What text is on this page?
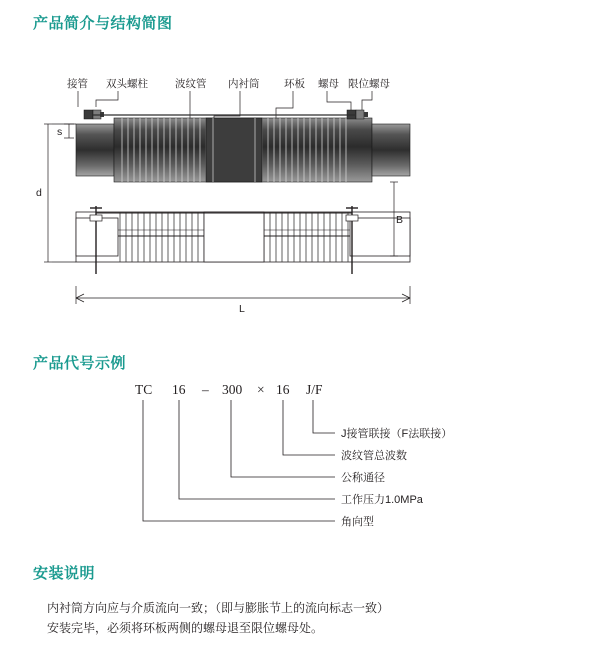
产品简介与结构简图
产品代号示例
安装说明
接管 双头螺柱	波纹管 内衬筒 环板 螺母 限位螺母
s
d
B
L
TC 16 – 300 × 16 J/F
J接管联接（F法联接）
波纹管总波数
公称通径
工作压力1.0MPa
角向型
内衬筒方向应与介质流向一致；（即与膨胀节上的流向标志一致）
安装完毕，必须将环板两侧的螺母退至限位螺母处。
